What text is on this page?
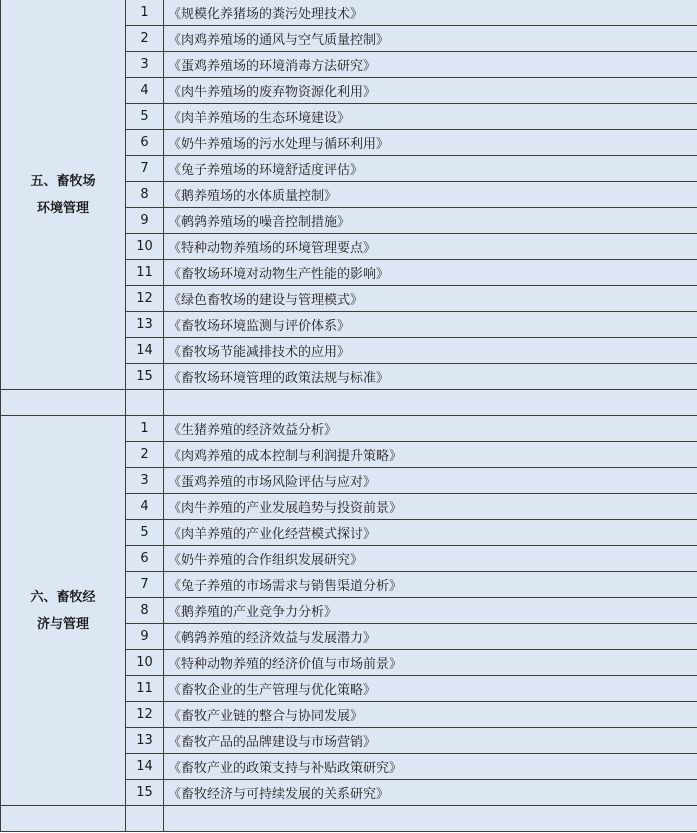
五、畜牧场
环境管理	1	《规模化养猪场的粪污处理技术》
	2	《肉鸡养殖场的通风与空气质量控制》
	3	《蛋鸡养殖场的环境消毒方法研究》
	4	《肉牛养殖场的废弃物资源化利用》
	5	《肉羊养殖场的生态环境建设》
	6	《奶牛养殖场的污水处理与循环利用》
	7	《兔子养殖场的环境舒适度评估》
	8	《鹅养殖场的水体质量控制》
	9	《鹌鹑养殖场的噪音控制措施》
	10	《特种动物养殖场的环境管理要点》
	11	《畜牧场环境对动物生产性能的影响》
	12	《绿色畜牧场的建设与管理模式》
	13	《畜牧场环境监测与评价体系》
	14	《畜牧场节能减排技术的应用》
	15	《畜牧场环境管理的政策法规与标准》

六、畜牧经
济与管理	1	《生猪养殖的经济效益分析》
	2	《肉鸡养殖的成本控制与利润提升策略》
	3	《蛋鸡养殖的市场风险评估与应对》
	4	《肉牛养殖的产业发展趋势与投资前景》
	5	《肉羊养殖的产业化经营模式探讨》
	6	《奶牛养殖的合作组织发展研究》
	7	《兔子养殖的市场需求与销售渠道分析》
	8	《鹅养殖的产业竞争力分析》
	9	《鹌鹑养殖的经济效益与发展潜力》
	10	《特种动物养殖的经济价值与市场前景》
	11	《畜牧企业的生产管理与优化策略》
	12	《畜牧产业链的整合与协同发展》
	13	《畜牧产品的品牌建设与市场营销》
	14	《畜牧产业的政策支持与补贴政策研究》
	15	《畜牧经济与可持续发展的关系研究》
